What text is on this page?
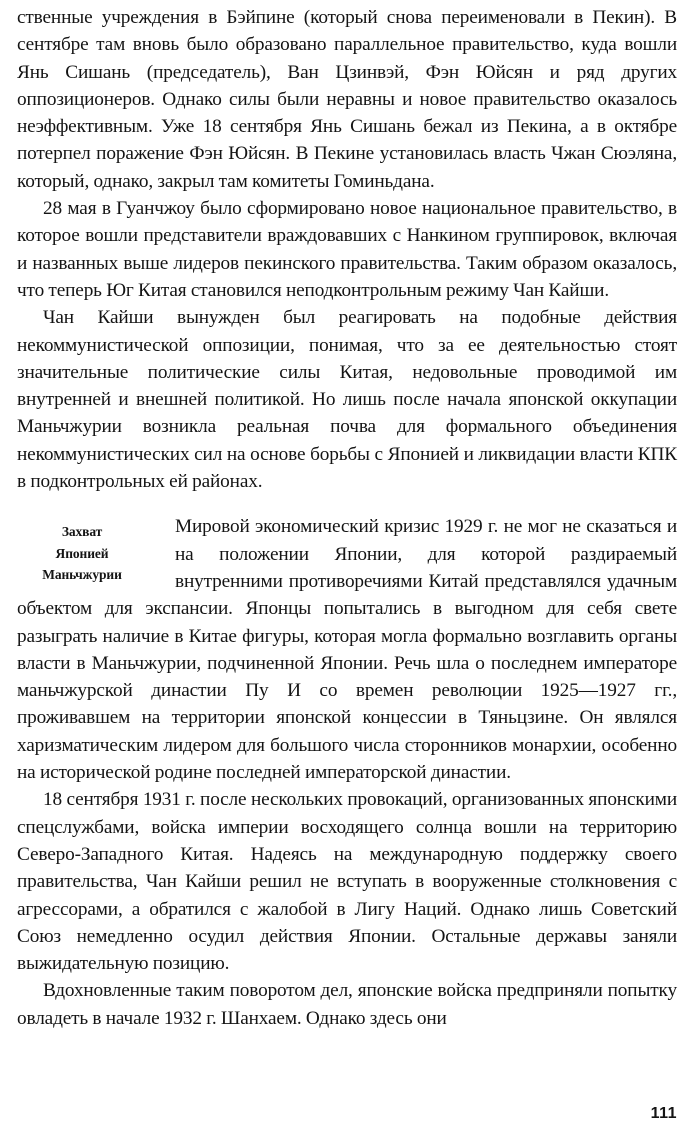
ственные учреждения в Бэйпине (который снова переименовали в Пекин). В сентябре там вновь было образовано параллельное правительство, куда вошли Янь Сишань (председатель), Ван Цзинвэй, Фэн Юйсян и ряд других оппозиционеров. Однако силы были неравны и новое правительство оказалось неэффективным. Уже 18 сентября Янь Сишань бежал из Пекина, а в октябре потерпел поражение Фэн Юйсян. В Пекине установилась власть Чжан Сюэляна, который, однако, закрыл там комитеты Гоминьдана.

28 мая в Гуанчжоу было сформировано новое национальное правительство, в которое вошли представители враждовавших с Нанкином группировок, включая и названных выше лидеров пекинского правительства. Таким образом оказалось, что теперь Юг Китая становился неподконтрольным режиму Чан Кайши.

Чан Кайши вынужден был реагировать на подобные действия некоммунистической оппозиции, понимая, что за ее деятельностью стоят значительные политические силы Китая, недовольные проводимой им внутренней и внешней политикой. Но лишь после начала японской оккупации Маньчжурии возникла реальная почва для формального объединения некоммунистических сил на основе борьбы с Японией и ликвидации власти КПК в подконтрольных ей районах.

Захват
Японией
Маньчжурии

Мировой экономический кризис 1929 г. не мог не сказаться и на положении Японии, для которой раздираемый внутренними противоречиями Китай представлялся удачным объектом для экспансии. Японцы попытались в выгодном для себя свете разыграть наличие в Китае фигуры, которая могла формально возглавить органы власти в Маньчжурии, подчиненной Японии. Речь шла о последнем императоре маньчжурской династии Пу И со времен революции 1925—1927 гг., проживавшем на территории японской концессии в Тяньцзине. Он являлся харизматическим лидером для большого числа сторонников монархии, особенно на исторической родине последней императорской династии.

18 сентября 1931 г. после нескольких провокаций, организованных японскими спецслужбами, войска империи восходящего солнца вошли на территорию Северо-Западного Китая. Надеясь на международную поддержку своего правительства, Чан Кайши решил не вступать в вооруженные столкновения с агрессорами, а обратился с жалобой в Лигу Наций. Однако лишь Советский Союз немедленно осудил действия Японии. Остальные державы заняли выжидательную позицию.

Вдохновленные таким поворотом дел, японские войска предприняли попытку овладеть в начале 1932 г. Шанхаем. Однако здесь они

111
